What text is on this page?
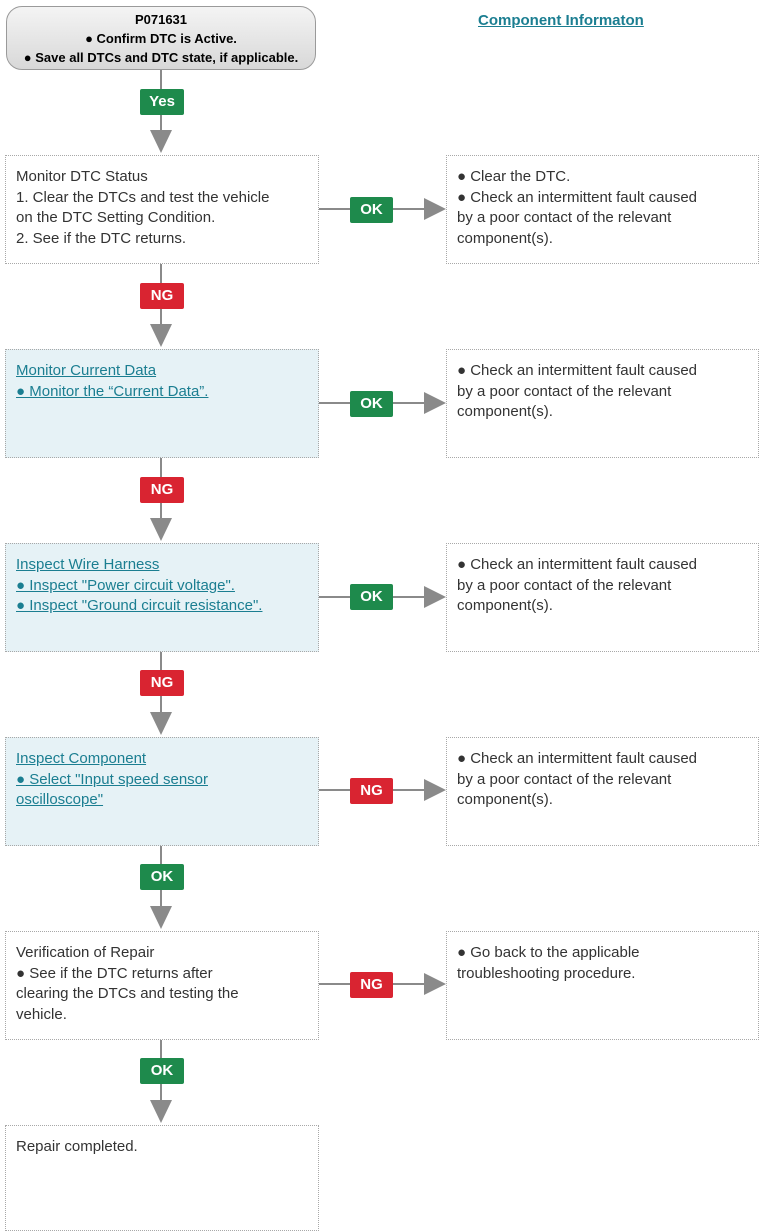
P071631
● Confirm DTC is Active.
● Save all DTCs and DTC state, if applicable.
Component Informaton
Yes
Monitor DTC Status
1. Clear the DTCs and test the vehicle
on the DTC Setting Condition.
2. See if the DTC returns.
OK
● Clear the DTC.
● Check an intermittent fault caused
by a poor contact of the relevant
component(s).
NG
Monitor Current Data
● Monitor the “Current Data”.
OK
● Check an intermittent fault caused
by a poor contact of the relevant
component(s).
NG
Inspect Wire Harness
● Inspect "Power circuit voltage".
● Inspect "Ground circuit resistance".
OK
● Check an intermittent fault caused
by a poor contact of the relevant
component(s).
NG
Inspect Component
● Select "Input speed sensor
oscilloscope"
NG
● Check an intermittent fault caused
by a poor contact of the relevant
component(s).
OK
Verification of Repair
● See if the DTC returns after
clearing the DTCs and testing the
vehicle.
NG
● Go back to the applicable
troubleshooting procedure.
OK
Repair completed.
